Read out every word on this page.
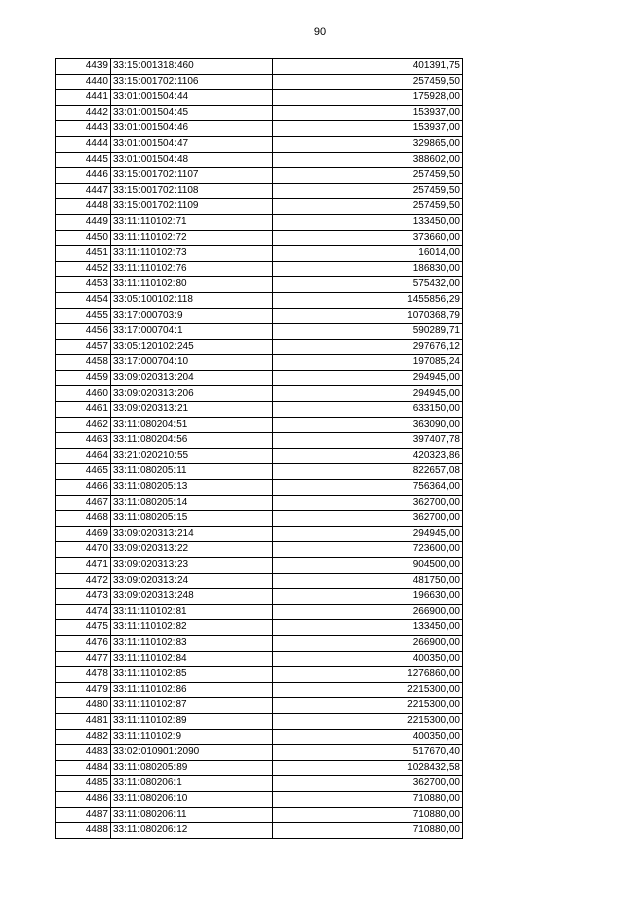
90
4439	33:15:001318:460	401391,75
4440	33:15:001702:1106	257459,50
4441	33:01:001504:44	175928,00
4442	33:01:001504:45	153937,00
4443	33:01:001504:46	153937,00
4444	33:01:001504:47	329865,00
4445	33:01:001504:48	388602,00
4446	33:15:001702:1107	257459,50
4447	33:15:001702:1108	257459,50
4448	33:15:001702:1109	257459,50
4449	33:11:110102:71	133450,00
4450	33:11:110102:72	373660,00
4451	33:11:110102:73	16014,00
4452	33:11:110102:76	186830,00
4453	33:11:110102:80	575432,00
4454	33:05:100102:118	1455856,29
4455	33:17:000703:9	1070368,79
4456	33:17:000704:1	590289,71
4457	33:05:120102:245	297676,12
4458	33:17:000704:10	197085,24
4459	33:09:020313:204	294945,00
4460	33:09:020313:206	294945,00
4461	33:09:020313:21	633150,00
4462	33:11:080204:51	363090,00
4463	33:11:080204:56	397407,78
4464	33:21:020210:55	420323,86
4465	33:11:080205:11	822657,08
4466	33:11:080205:13	756364,00
4467	33:11:080205:14	362700,00
4468	33:11:080205:15	362700,00
4469	33:09:020313:214	294945,00
4470	33:09:020313:22	723600,00
4471	33:09:020313:23	904500,00
4472	33:09:020313:24	481750,00
4473	33:09:020313:248	196630,00
4474	33:11:110102:81	266900,00
4475	33:11:110102:82	133450,00
4476	33:11:110102:83	266900,00
4477	33:11:110102:84	400350,00
4478	33:11:110102:85	1276860,00
4479	33:11:110102:86	2215300,00
4480	33:11:110102:87	2215300,00
4481	33:11:110102:89	2215300,00
4482	33:11:110102:9	400350,00
4483	33:02:010901:2090	517670,40
4484	33:11:080205:89	1028432,58
4485	33:11:080206:1	362700,00
4486	33:11:080206:10	710880,00
4487	33:11:080206:11	710880,00
4488	33:11:080206:12	710880,00
